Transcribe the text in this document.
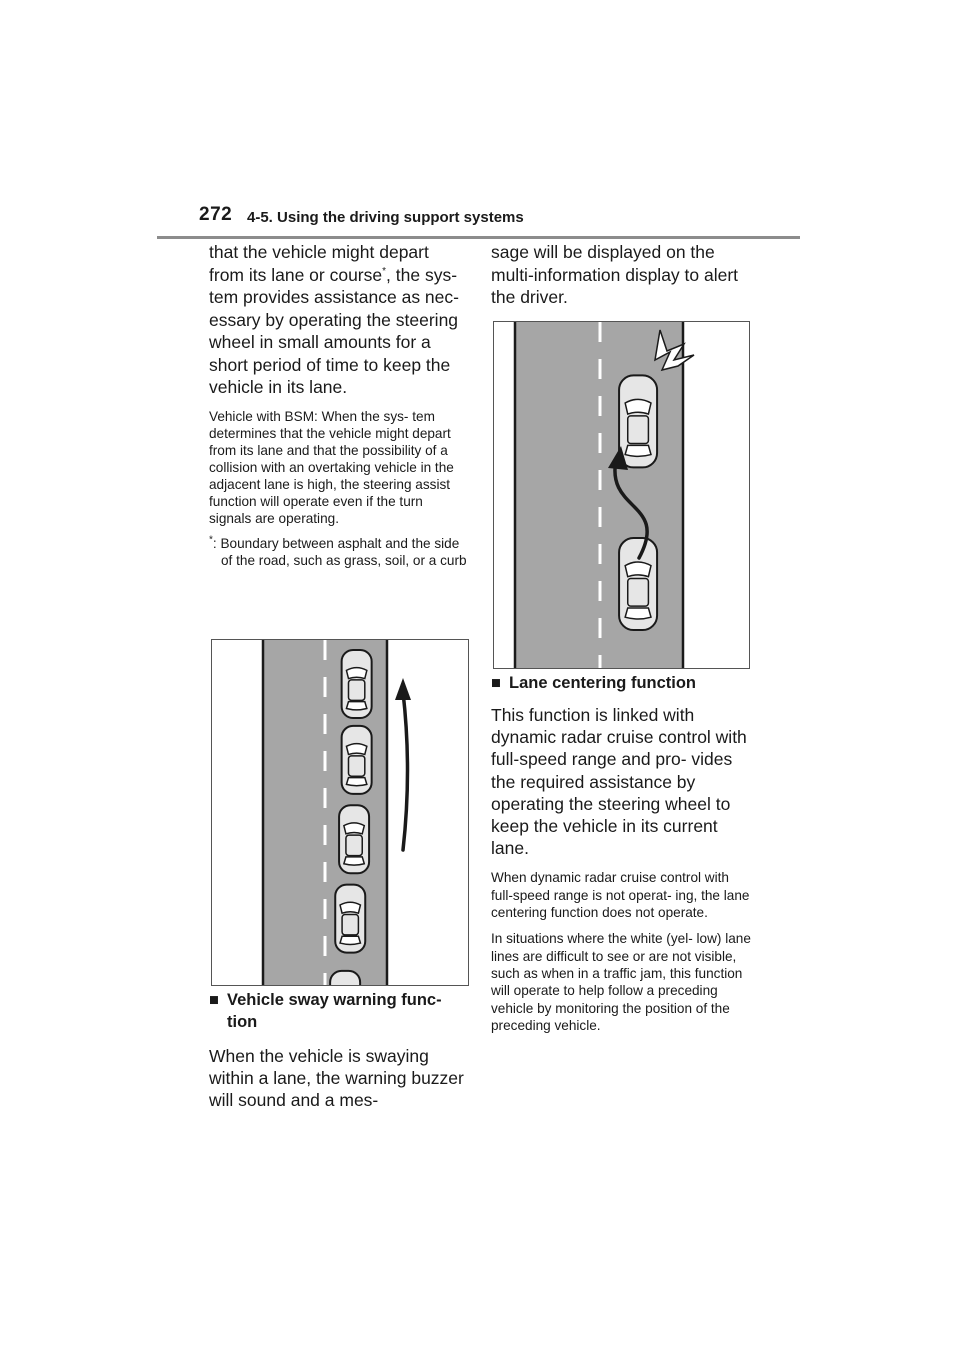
272 4-5. Using the driving support systems

that the vehicle might depart
from its lane or course*, the sys- tem provides assistance as nec- essary by operating the steering wheel in small amounts for a short period of time to keep the vehicle in its lane.

Vehicle with BSM: When the sys- tem determines that the vehicle might depart from its lane and that the possibility of a collision with an overtaking vehicle in the adjacent lane is high, the steering assist function will operate even if the turn signals are operating.

*: Boundary between asphalt and the side of the road, such as grass, soil, or a curb

■ Vehicle sway warning func- tion

When the vehicle is swaying within a lane, the warning buzzer will sound and a mes-

sage will be displayed on the multi-information display to alert the driver.

■ Lane centering function

This function is linked with dynamic radar cruise control with full-speed range and pro- vides the required assistance by operating the steering wheel to keep the vehicle in its current lane.

When dynamic radar cruise control with full-speed range is not operat- ing, the lane centering function does not operate.

In situations where the white (yel- low) lane lines are difficult to see or are not visible, such as when in a traffic jam, this function will operate to help follow a preceding vehicle by monitoring the position of the preceding vehicle.
